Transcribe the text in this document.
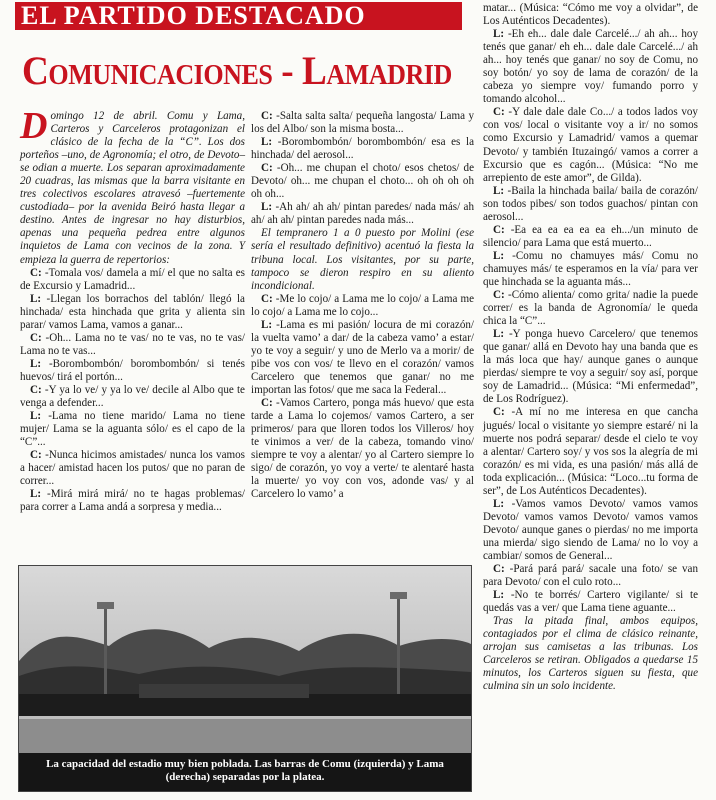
EL PARTIDO DESTACADO
Comunicaciones - Lamadrid

Domingo 12 de abril. Comu y Lama, Carteros y Carceleros protagonizan el clásico de la fecha de la “C”. Los dos porteños –uno, de Agronomía; el otro, de Devoto– se odian a muerte. Los separan aproximadamente 20 cuadras, las mismas que la barra visitante en tres colectivos escolares atravesó –fuertemente custodiada– por la avenida Beiró hasta llegar a destino. Antes de ingresar no hay disturbios, apenas una pequeña pedrea entre algunos inquietos de Lama con vecinos de la zona. Y empieza la guerra de repertorios:

C: -Tomala vos/ damela a mí/ el que no salta es de Excursio y Lamadrid...

L: -Llegan los borrachos del tablón/ llegó la hinchada/ esta hinchada que grita y alienta sin parar/ vamos Lama, vamos a ganar...

C: -Oh... Lama no te vas/ no te vas, no te vas/ Lama no te vas...

L: -Borombombón/ borombombón/ si tenés huevos/ tirá el portón...

C: -Y ya lo ve/ y ya lo ve/ decile al Albo que te venga a defender...

L: -Lama no tiene marido/ Lama no tiene mujer/ Lama se la aguanta sólo/ es el capo de la “C”...

C: -Nunca hicimos amistades/ nunca los vamos a hacer/ amistad hacen los putos/ que no paran de correr...

L: -Mirá mirá mirá/ no te hagas problemas/ para correr a Lama andá a sorpresa y media...

C: -Salta salta salta/ pequeña langosta/ Lama y los del Albo/ son la misma bosta...

L: -Borombombón/ borombombón/ esa es la hinchada/ del aerosol...

C: -Oh... me chupan el choto/ esos chetos/ de Devoto/ oh... me chupan el choto... oh oh oh oh oh oh...

L: -Ah ah/ ah ah/ pintan paredes/ nada más/ ah ah/ ah ah/ pintan paredes nada más...

El tempranero 1 a 0 puesto por Molini (ese sería el resultado definitivo) acentuó la fiesta la tribuna local. Los visitantes, por su parte, tampoco se dieron respiro en su aliento incondicional.

C: -Me lo cojo/ a Lama me lo cojo/ a Lama me lo cojo/ a Lama me lo cojo...

L: -Lama es mi pasión/ locura de mi corazón/ la vuelta vamo’ a dar/ de la cabeza vamo’ a estar/ yo te voy a seguir/ y uno de Merlo va a morir/ de pibe vos con vos/ te llevo en el corazón/ vamos Carcelero que tenemos que ganar/ no me importan las fotos/ que me saca la Federal...

C: -Vamos Cartero, ponga más huevo/ que esta tarde a Lama lo cojemos/ vamos Cartero, a ser primeros/ para que lloren todos los Villeros/ hoy te vinimos a ver/ de la cabeza, tomando vino/ siempre te voy a alentar/ yo al Cartero siempre lo sigo/ de corazón, yo voy a verte/ te alentaré hasta la muerte/ yo voy con vos, adonde vas/ y al Carcelero lo vamo’ a

matar... (Música: “Cómo me voy a olvidar”, de Los Auténticos Decadentes).

L: -Eh eh... dale dale Carcelé.../ ah ah... hoy tenés que ganar/ eh eh... dale dale Carcelé.../ ah ah... hoy tenés que ganar/ no soy de Comu, no soy botón/ yo soy de lama de corazón/ de la cabeza yo siempre voy/ fumando porro y tomando alcohol...

C: -Y dale dale dale Co.../ a todos lados voy con vos/ local o visitante voy a ir/ no somos como Excursio y Lamadrid/ vamos a quemar Devoto/ y también Ituzaingó/ vamos a correr a Excursio que es cagón... (Música: “No me arrepiento de este amor”, de Gilda).

L: -Baila la hinchada baila/ baila de corazón/ son todos pibes/ son todos guachos/ pintan con aerosol...

C: -Ea ea ea ea ea ea eh.../un minuto de silencio/ para Lama que está muerto...

L: -Comu no chamuyes más/ Comu no chamuyes más/ te esperamos en la vía/ para ver que hinchada se la aguanta más...

C: -Cómo alienta/ como grita/ nadie la puede correr/ es la banda de Agronomía/ le queda chica la “C”...

L: -Y ponga huevo Carcelero/ que tenemos que ganar/ allá en Devoto hay una banda que es la más loca que hay/ aunque ganes o aunque pierdas/ siempre te voy a seguir/ soy así, porque soy de Lamadrid... (Música: “Mi enfermedad”, de Los Rodríguez).

C: -A mí no me interesa en que cancha jugués/ local o visitante yo siempre estaré/ ni la muerte nos podrá separar/ desde el cielo te voy a alentar/ Cartero soy/ y vos sos la alegría de mi corazón/ es mi vida, es una pasión/ más allá de toda explicación... (Música: “Loco...tu forma de ser”, de Los Auténticos Decadentes).

L: -Vamos vamos Devoto/ vamos vamos Devoto/ vamos vamos Devoto/ vamos vamos Devoto/ aunque ganes o pierdas/ no me importa una mierda/ sigo siendo de Lama/ no lo voy a cambiar/ somos de General...

C: -Pará pará pará/ sacale una foto/ se van para Devoto/ con el culo roto...

L: -No te borrés/ Cartero vigilante/ si te quedás vas a ver/ que Lama tiene aguante...

Tras la pitada final, ambos equipos, contagiados por el clima de clásico reinante, arrojan sus camisetas a las tribunas. Los Carceleros se retiran. Obligados a quedarse 15 minutos, los Carteros siguen su fiesta, que culmina sin un solo incidente.

La capacidad del estadio muy bien poblada. Las barras de Comu (izquierda) y Lama (derecha) separadas por la platea.
